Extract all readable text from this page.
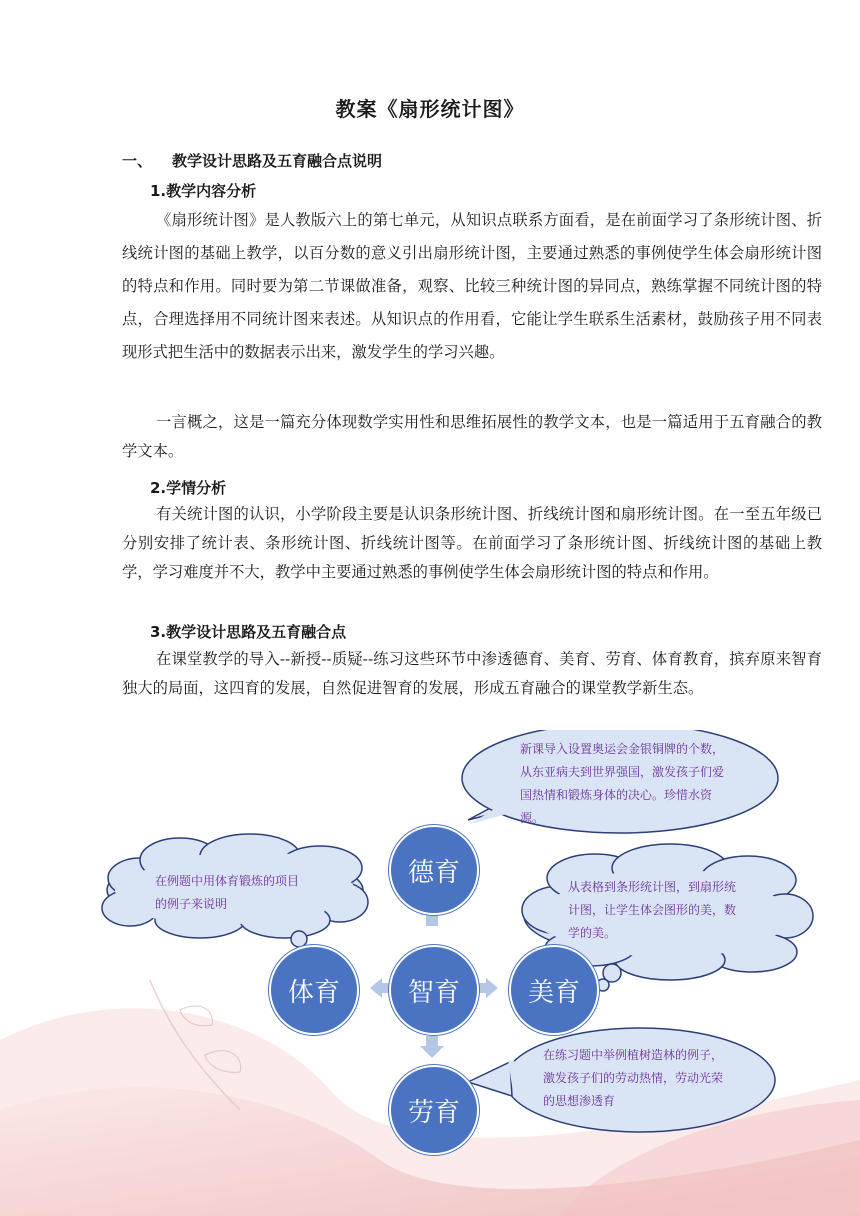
教案《扇形统计图》

一、 教学设计思路及五育融合点说明

1.教学内容分析

《扇形统计图》是人教版六上的第七单元，从知识点联系方面看，是在前面学习了条形统计图、折线统计图的基础上教学，以百分数的意义引出扇形统计图，主要通过熟悉的事例使学生体会扇形统计图的特点和作用。同时要为第二节课做准备，观察、比较三种统计图的异同点，熟练掌握不同统计图的特点，合理选择用不同统计图来表述。从知识点的作用看，它能让学生联系生活素材，鼓励孩子用不同表现形式把生活中的数据表示出来，激发学生的学习兴趣。

一言概之，这是一篇充分体现数学实用性和思维拓展性的教学文本，也是一篇适用于五育融合的教学文本。

2.学情分析

有关统计图的认识，小学阶段主要是认识条形统计图、折线统计图和扇形统计图。在一至五年级已分别安排了统计表、条形统计图、折线统计图等。在前面学习了条形统计图、折线统计图的基础上教学，学习难度并不大，教学中主要通过熟悉的事例使学生体会扇形统计图的特点和作用。

3.教学设计思路及五育融合点

在课堂教学的导入--新授--质疑--练习这些环节中渗透德育、美育、劳育、体育教育，摈弃原来智育独大的局面，这四育的发展，自然促进智育的发展，形成五育融合的课堂教学新生态。

德育
体育	智育	美育
劳育
新课导入设置奥运会金银铜牌的个数，从东亚病夫到世界强国，激发孩子们爱国热情和锻炼身体的决心。珍惜水资源。
在例题中用体育锻炼的项目的例子来说明
从表格到条形统计图，到扇形统计图，让学生体会图形的美，数学的美。
在练习题中举例植树造林的例子，激发孩子们的劳动热情，劳动光荣的思想渗透育
